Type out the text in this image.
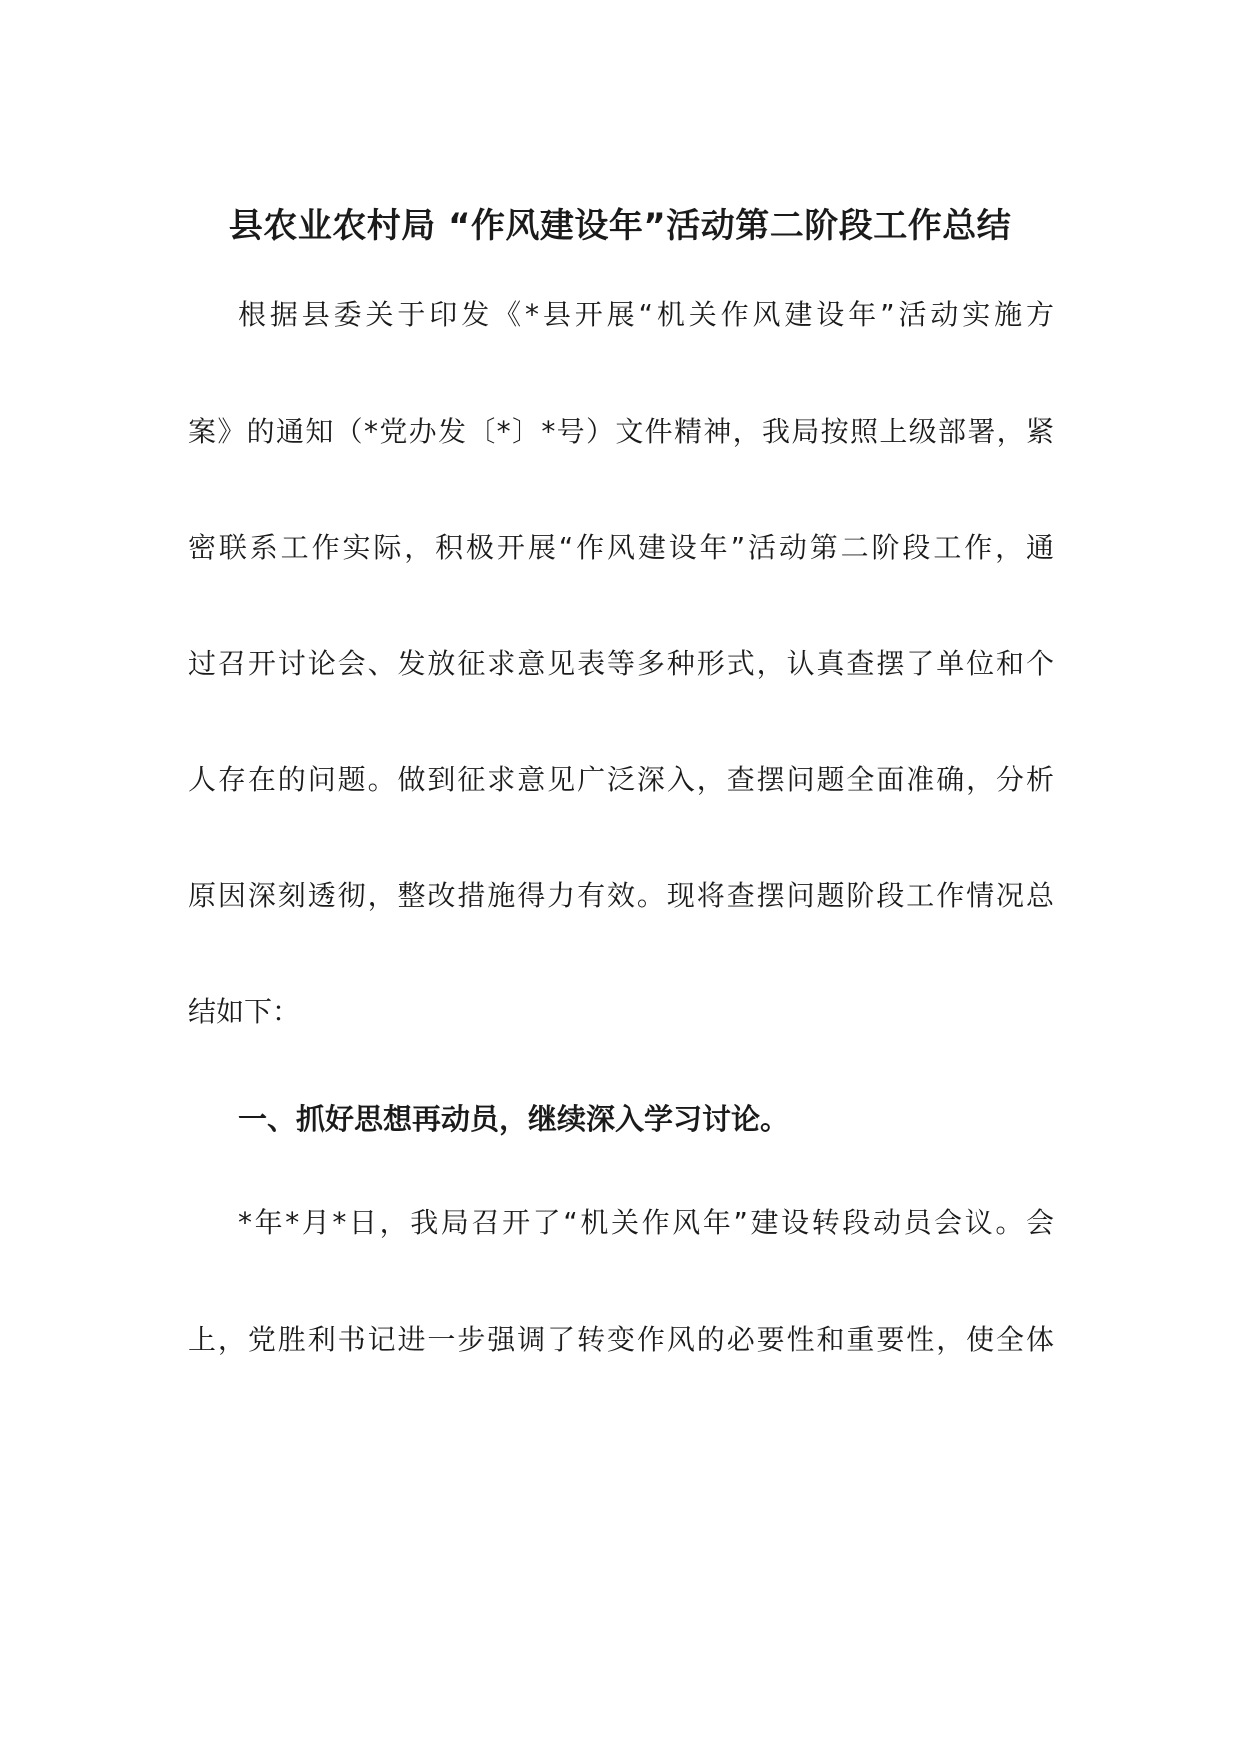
县农业农村局 “作风建设年”活动第二阶段工作总结
根据县委关于印发《*县开展“机关作风建设年”活动实施方
案》的通知（*党办发〔*〕*号）文件精神，我局按照上级部署，紧
密联系工作实际，积极开展“作风建设年”活动第二阶段工作，通
过召开讨论会、发放征求意见表等多种形式，认真查摆了单位和个
人存在的问题。做到征求意见广泛深入，查摆问题全面准确，分析
原因深刻透彻，整改措施得力有效。现将查摆问题阶段工作情况总
结如下：
一、抓好思想再动员，继续深入学习讨论。
*年*月*日，我局召开了“机关作风年”建设转段动员会议。会
上，党胜利书记进一步强调了转变作风的必要性和重要性，使全体
